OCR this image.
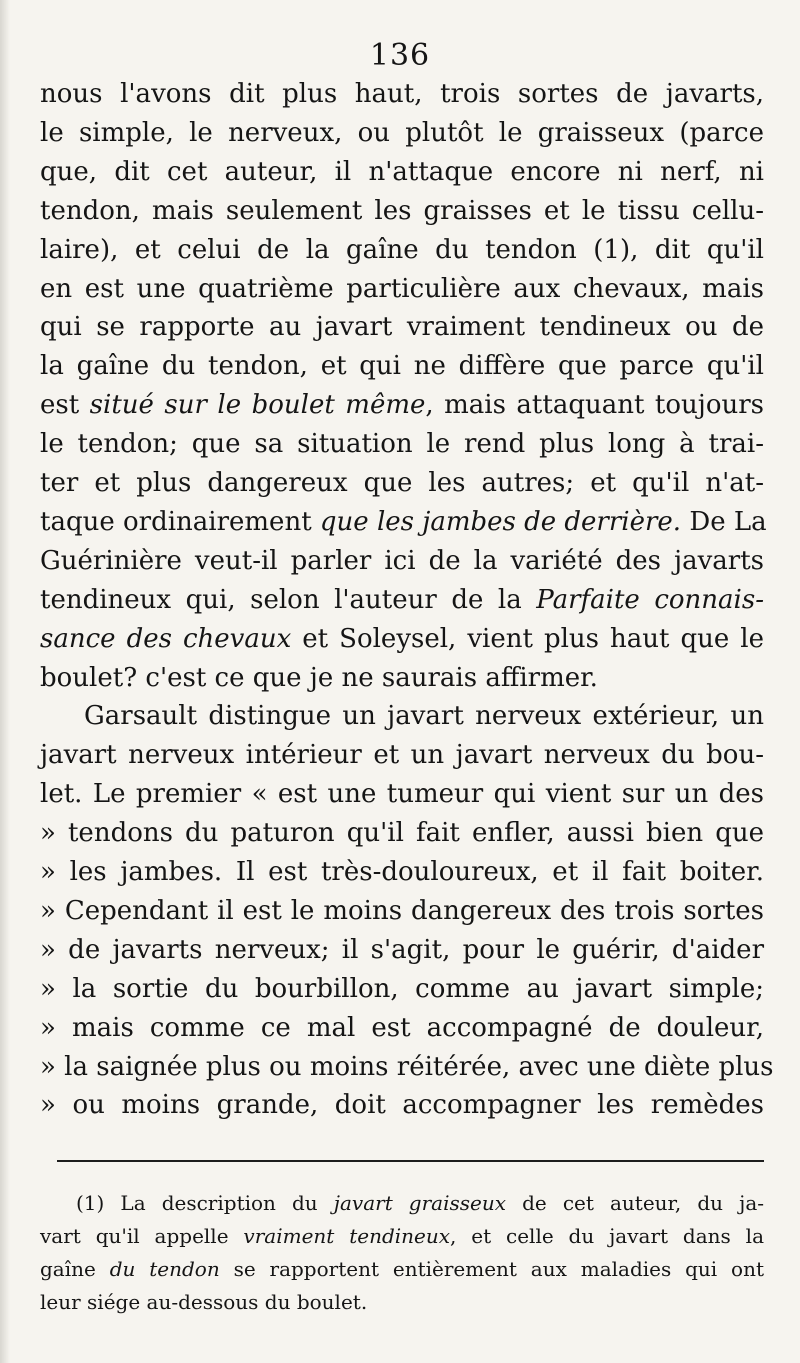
136
nous l'avons dit plus haut, trois sortes de javarts,
le simple, le nerveux, ou plutôt le graisseux (parce
que, dit cet auteur, il n'attaque encore ni nerf, ni
tendon, mais seulement les graisses et le tissu cellu-
laire), et celui de la gaîne du tendon (1), dit qu'il
en est une quatrième particulière aux chevaux, mais
qui se rapporte au javart vraiment tendineux ou de
la gaîne du tendon, et qui ne diffère que parce qu'il
est situé sur le boulet même, mais attaquant toujours
le tendon; que sa situation le rend plus long à trai-
ter et plus dangereux que les autres; et qu'il n'at-
taque ordinairement que les jambes de derrière. De La
Guérinière veut-il parler ici de la variété des javarts
tendineux qui, selon l'auteur de la Parfaite connais-
sance des chevaux et Soleysel, vient plus haut que le
boulet? c'est ce que je ne saurais affirmer.
Garsault distingue un javart nerveux extérieur, un
javart nerveux intérieur et un javart nerveux du bou-
let. Le premier « est une tumeur qui vient sur un des
» tendons du paturon qu'il fait enfler, aussi bien que
» les jambes. Il est très-douloureux, et il fait boiter.
» Cependant il est le moins dangereux des trois sortes
» de javarts nerveux; il s'agit, pour le guérir, d'aider
» la sortie du bourbillon, comme au javart simple;
» mais comme ce mal est accompagné de douleur,
» la saignée plus ou moins réitérée, avec une diète plus
» ou moins grande, doit accompagner les remèdes
(1) La description du javart graisseux de cet auteur, du ja-
vart qu'il appelle vraiment tendineux, et celle du javart dans la
gaîne du tendon se rapportent entièrement aux maladies qui ont
leur siége au-dessous du boulet.
